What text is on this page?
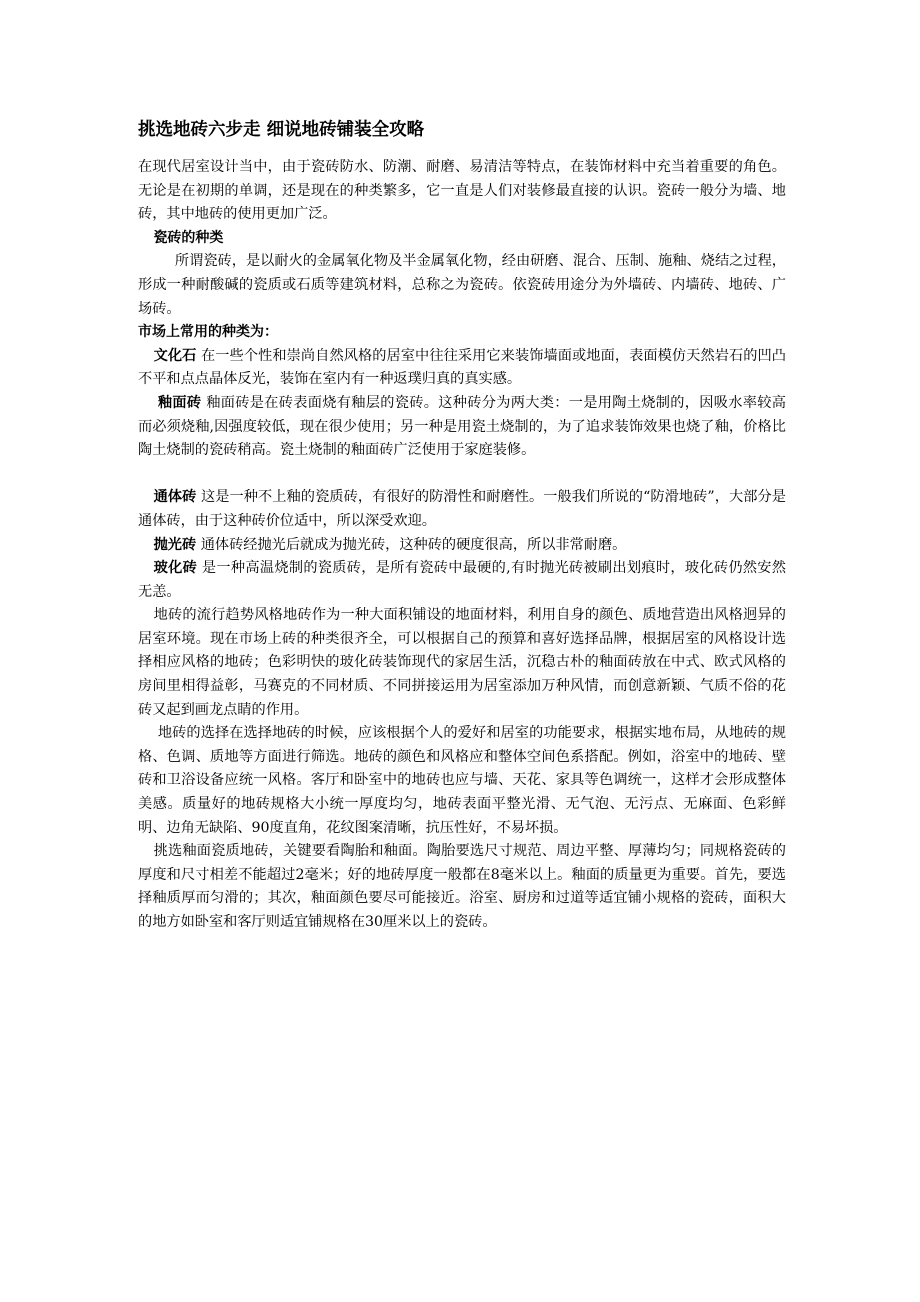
挑选地砖六步走 细说地砖铺装全攻略

在现代居室设计当中，由于瓷砖防水、防潮、耐磨、易清洁等特点，在装饰材料中充当着重要的角色。无论是在初期的单调，还是现在的种类繁多，它一直是人们对装修最直接的认识。瓷砖一般分为墙、地砖，其中地砖的使用更加广泛。

瓷砖的种类

所谓瓷砖，是以耐火的金属氧化物及半金属氧化物，经由研磨、混合、压制、施釉、烧结之过程，形成一种耐酸碱的瓷质或石质等建筑材料，总称之为瓷砖。依瓷砖用途分为外墙砖、内墙砖、地砖、广场砖。

市场上常用的种类为：

文化石 在一些个性和崇尚自然风格的居室中往往采用它来装饰墙面或地面，表面模仿天然岩石的凹凸不平和点点晶体反光，装饰在室内有一种返璞归真的真实感。

釉面砖 釉面砖是在砖表面烧有釉层的瓷砖。这种砖分为两大类：一是用陶土烧制的，因吸水率较高而必须烧釉,因强度较低，现在很少使用；另一种是用瓷土烧制的，为了追求装饰效果也烧了釉，价格比陶土烧制的瓷砖稍高。瓷土烧制的釉面砖广泛使用于家庭装修。

通体砖 这是一种不上釉的瓷质砖，有很好的防滑性和耐磨性。一般我们所说的“防滑地砖”，大部分是通体砖，由于这种砖价位适中，所以深受欢迎。

抛光砖 通体砖经抛光后就成为抛光砖，这种砖的硬度很高，所以非常耐磨。

玻化砖 是一种高温烧制的瓷质砖，是所有瓷砖中最硬的,有时抛光砖被刷出划痕时，玻化砖仍然安然无恙。

地砖的流行趋势风格地砖作为一种大面积铺设的地面材料，利用自身的颜色、质地营造出风格迥异的居室环境。现在市场上砖的种类很齐全，可以根据自己的预算和喜好选择品牌，根据居室的风格设计选择相应风格的地砖；色彩明快的玻化砖装饰现代的家居生活，沉稳古朴的釉面砖放在中式、欧式风格的房间里相得益彰，马赛克的不同材质、不同拼接运用为居室添加万种风情，而创意新颖、气质不俗的花砖又起到画龙点睛的作用。

地砖的选择在选择地砖的时候，应该根据个人的爱好和居室的功能要求，根据实地布局，从地砖的规格、色调、质地等方面进行筛选。地砖的颜色和风格应和整体空间色系搭配。例如，浴室中的地砖、壁砖和卫浴设备应统一风格。客厅和卧室中的地砖也应与墙、天花、家具等色调统一，这样才会形成整体美感。质量好的地砖规格大小统一厚度均匀，地砖表面平整光滑、无气泡、无污点、无麻面、色彩鲜明、边角无缺陷、90度直角，花纹图案清晰，抗压性好，不易坏损。

挑选釉面瓷质地砖，关键要看陶胎和釉面。陶胎要选尺寸规范、周边平整、厚薄均匀；同规格瓷砖的厚度和尺寸相差不能超过2毫米；好的地砖厚度一般都在8毫米以上。釉面的质量更为重要。首先，要选择釉质厚而匀滑的；其次，釉面颜色要尽可能接近。浴室、厨房和过道等适宜铺小规格的瓷砖，面积大的地方如卧室和客厅则适宜铺规格在30厘米以上的瓷砖。
